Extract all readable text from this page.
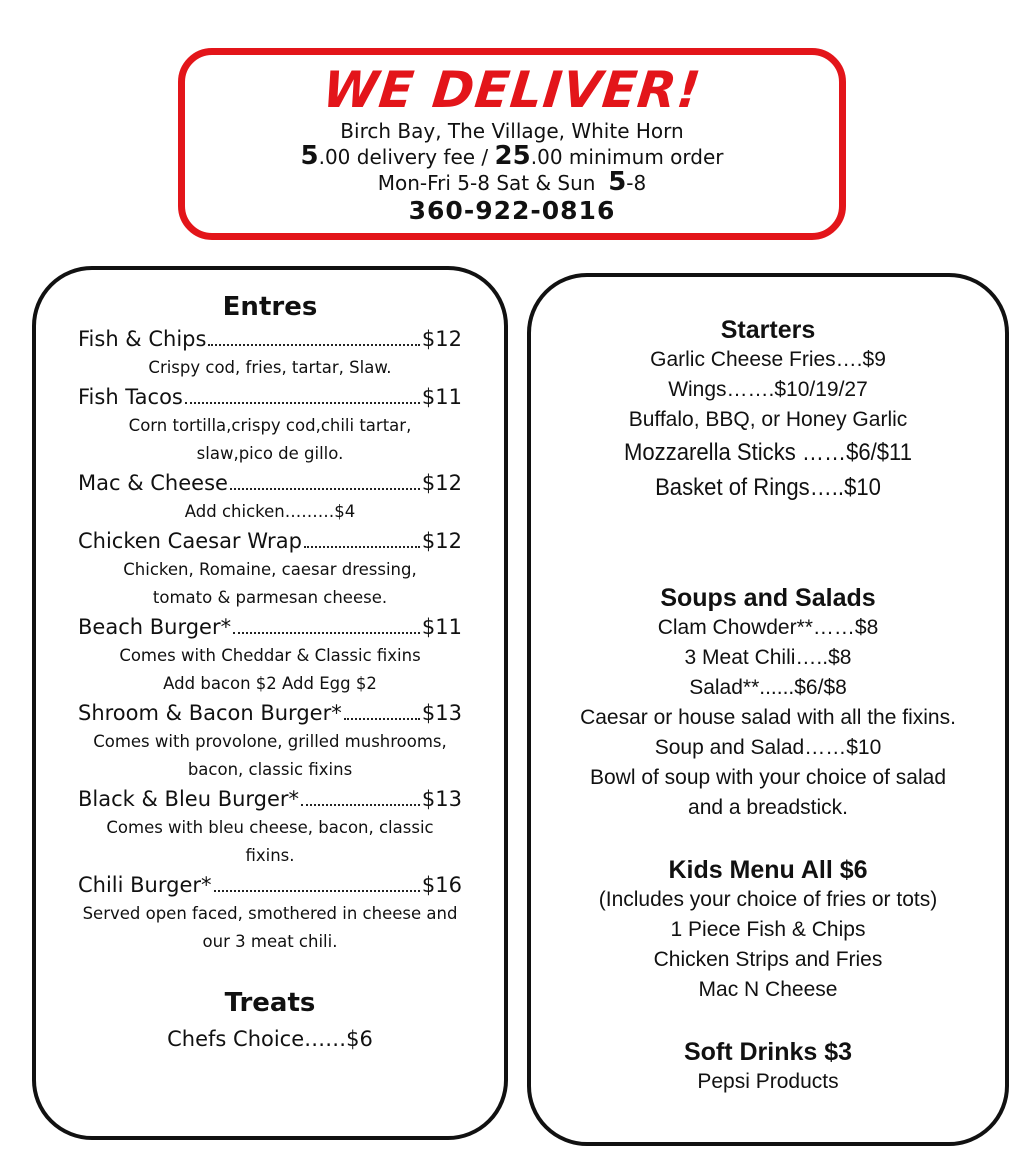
WE DELIVER!
Birch Bay, The Village, White Horn
5.00 delivery fee / 25.00 minimum order
Mon-Fri 5-8 Sat & Sun 5-8
360-922-0816
Entres
Fish & Chips	$12
Crispy cod, fries, tartar, Slaw.
Fish Tacos	$11
Corn tortilla,crispy cod,chili tartar,
slaw,pico de gillo.
Mac & Cheese	$12
Add chicken………$4
Chicken Caesar Wrap	$12
Chicken, Romaine, caesar dressing,
tomato & parmesan cheese.
Beach Burger*	$11
Comes with Cheddar & Classic fixins
Add bacon $2 Add Egg $2
Shroom & Bacon Burger*	$13
Comes with provolone, grilled mushrooms,
bacon, classic fixins
Black & Bleu Burger*	$13
Comes with bleu cheese, bacon, classic
fixins.
Chili Burger*	$16
Served open faced, smothered in cheese and
our 3 meat chili.
Treats
Chefs Choice……$6
Starters
Garlic Cheese Fries….$9
Wings…….$10/19/27
Buffalo, BBQ, or Honey Garlic
Mozzarella Sticks ……$6/$11
Basket of Rings…..$10
Soups and Salads
Clam Chowder**……$8
3 Meat Chili…..$8
Salad**......$6/$8
Caesar or house salad with all the fixins.
Soup and Salad……$10
Bowl of soup with your choice of salad
and a breadstick.
Kids Menu All $6
(Includes your choice of fries or tots)
1 Piece Fish & Chips
Chicken Strips and Fries
Mac N Cheese
Soft Drinks $3
Pepsi Products
